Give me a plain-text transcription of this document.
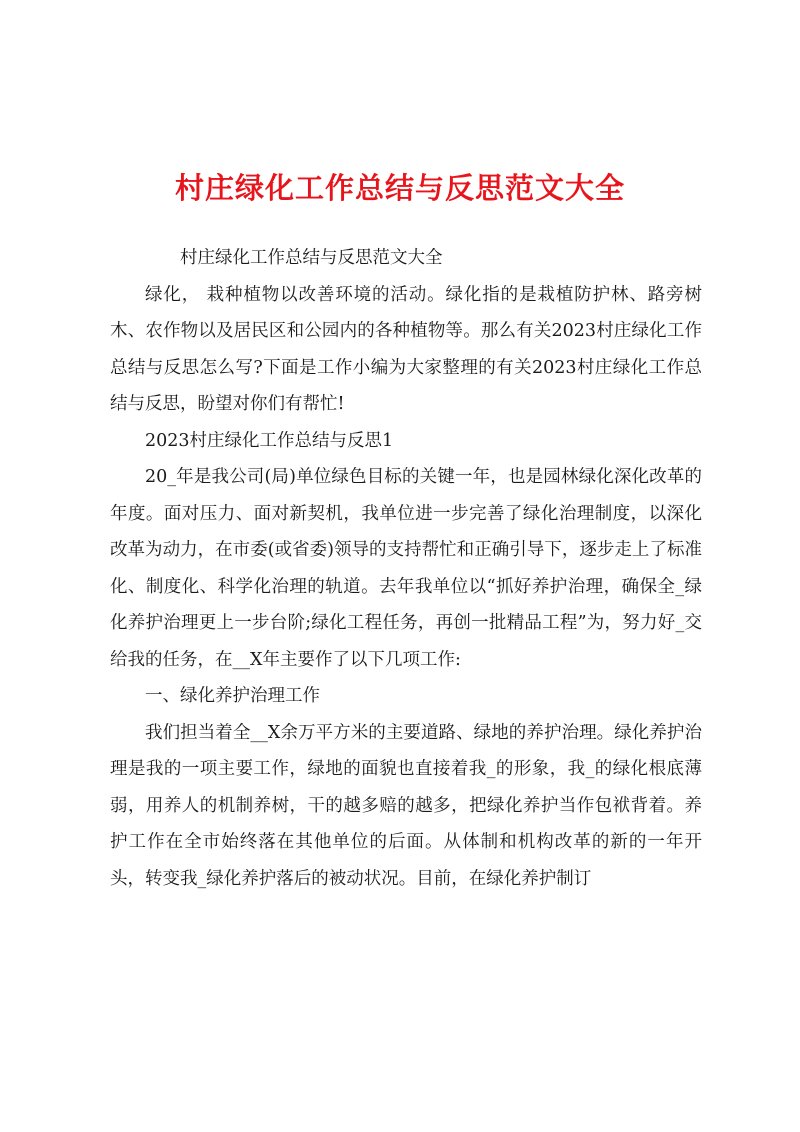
村庄绿化工作总结与反思范文大全

村庄绿化工作总结与反思范文大全

绿化， 栽种植物以改善环境的活动。绿化指的是栽植防护林、路旁树木、农作物以及居民区和公园内的各种植物等。那么有关2023村庄绿化工作总结与反思怎么写?下面是工作小编为大家整理的有关2023村庄绿化工作总结与反思，盼望对你们有帮忙!

2023村庄绿化工作总结与反思1

20_年是我公司(局)单位绿色目标的关键一年，也是园林绿化深化改革的年度。面对压力、面对新契机，我单位进一步完善了绿化治理制度，以深化改革为动力，在市委(或省委)领导的支持帮忙和正确引导下，逐步走上了标准化、制度化、科学化治理的轨道。去年我单位以“抓好养护治理，确保全_绿化养护治理更上一步台阶;绿化工程任务，再创一批精品工程”为，努力好_交给我的任务，在__X年主要作了以下几项工作:

一、绿化养护治理工作

我们担当着全__X余万平方米的主要道路、绿地的养护治理。绿化养护治理是我的一项主要工作，绿地的面貌也直接着我_的形象，我_的绿化根底薄弱，用养人的机制养树，干的越多赔的越多，把绿化养护当作包袱背着。养护工作在全市始终落在其他单位的后面。从体制和机构改革的新的一年开头，转变我_绿化养护落后的被动状况。目前，在绿化养护制订
